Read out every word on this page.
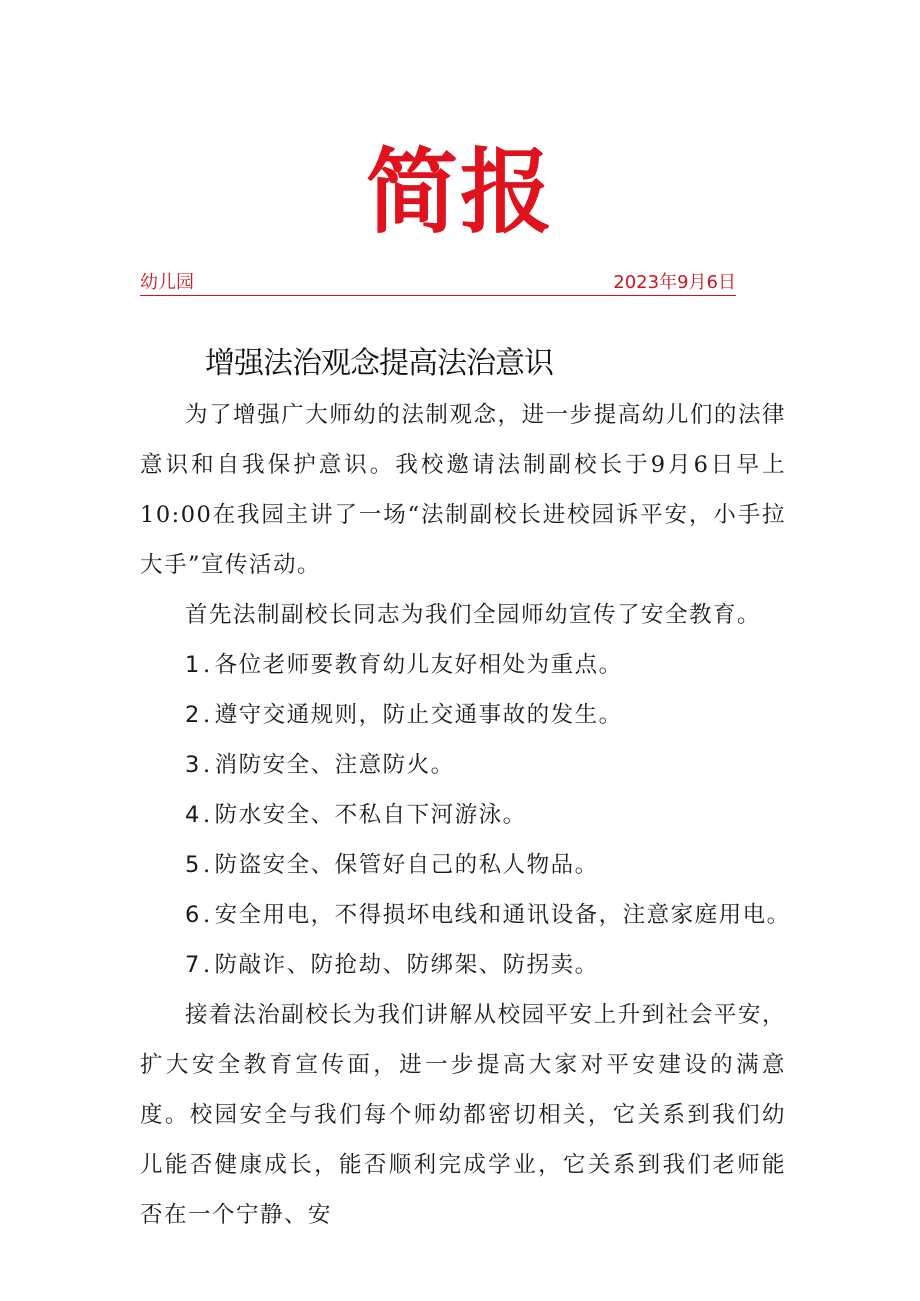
简报
幼儿园	2023年9月6日
增强法治观念提高法治意识

为了增强广大师幼的法制观念，进一步提高幼儿们的法律意识和自我保护意识。我校邀请法制副校长于9月6日早上10:00在我园主讲了一场“法制副校长进校园诉平安，小手拉大手”宣传活动。

首先法制副校长同志为我们全园师幼宣传了安全教育。

1. 各位老师要教育幼儿友好相处为重点。
2. 遵守交通规则，防止交通事故的发生。
3. 消防安全、注意防火。
4. 防水安全、不私自下河游泳。
5. 防盗安全、保管好自己的私人物品。
6. 安全用电，不得损坏电线和通讯设备，注意家庭用电。
7. 防敲诈、防抢劫、防绑架、防拐卖。

接着法治副校长为我们讲解从校园平安上升到社会平安，扩大安全教育宣传面，进一步提高大家对平安建设的满意度。校园安全与我们每个师幼都密切相关，它关系到我们幼儿能否健康成长，能否顺利完成学业，它关系到我们老师能否在一个宁静、安
